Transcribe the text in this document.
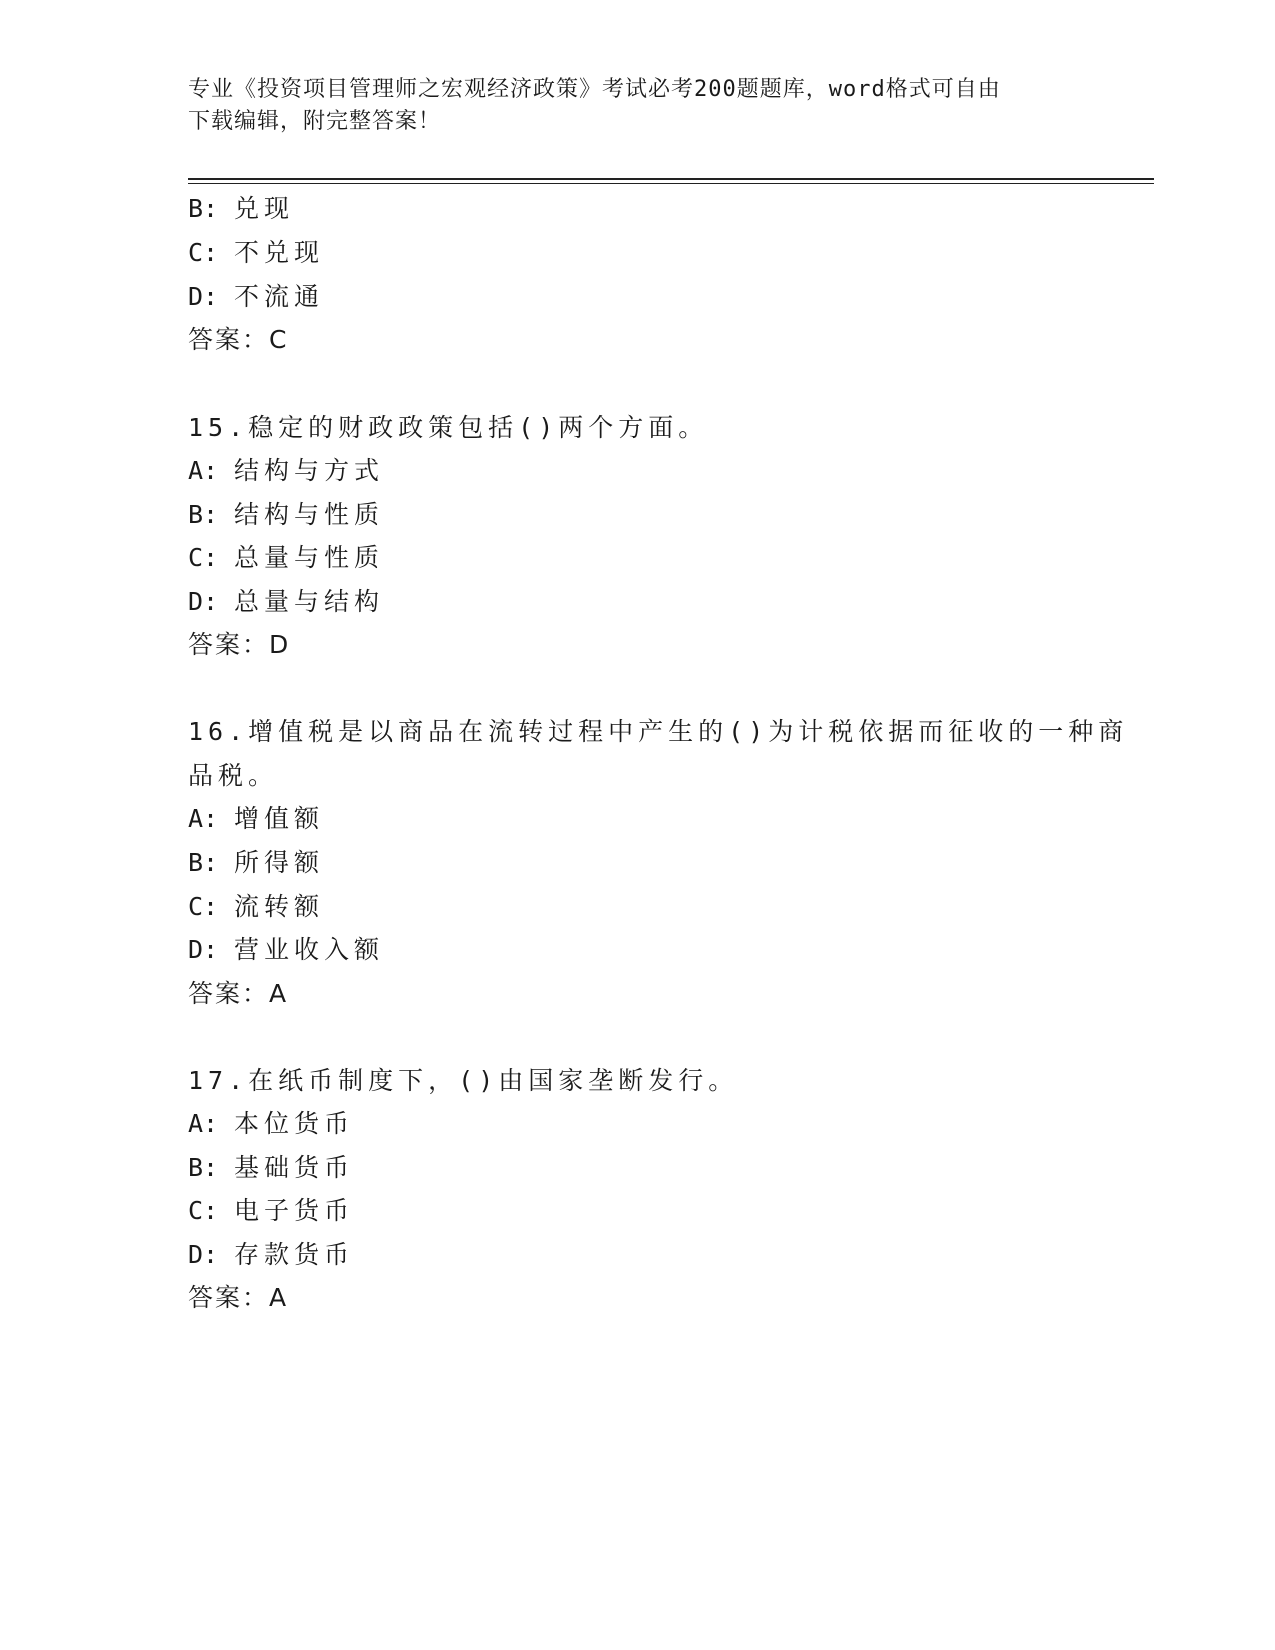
专业《投资项目管理师之宏观经济政策》考试必考200题题库，word格式可自由
下载编辑，附完整答案！
B: 兑现
C: 不兑现
D: 不流通
答案：C
15.稳定的财政政策包括()两个方面。
A: 结构与方式
B: 结构与性质
C: 总量与性质
D: 总量与结构
答案：D
16.增值税是以商品在流转过程中产生的()为计税依据而征收的一种商
品税。
A: 增值额
B: 所得额
C: 流转额
D: 营业收入额
答案：A
17.在纸币制度下，()由国家垄断发行。
A: 本位货币
B: 基础货币
C: 电子货币
D: 存款货币
答案：A
